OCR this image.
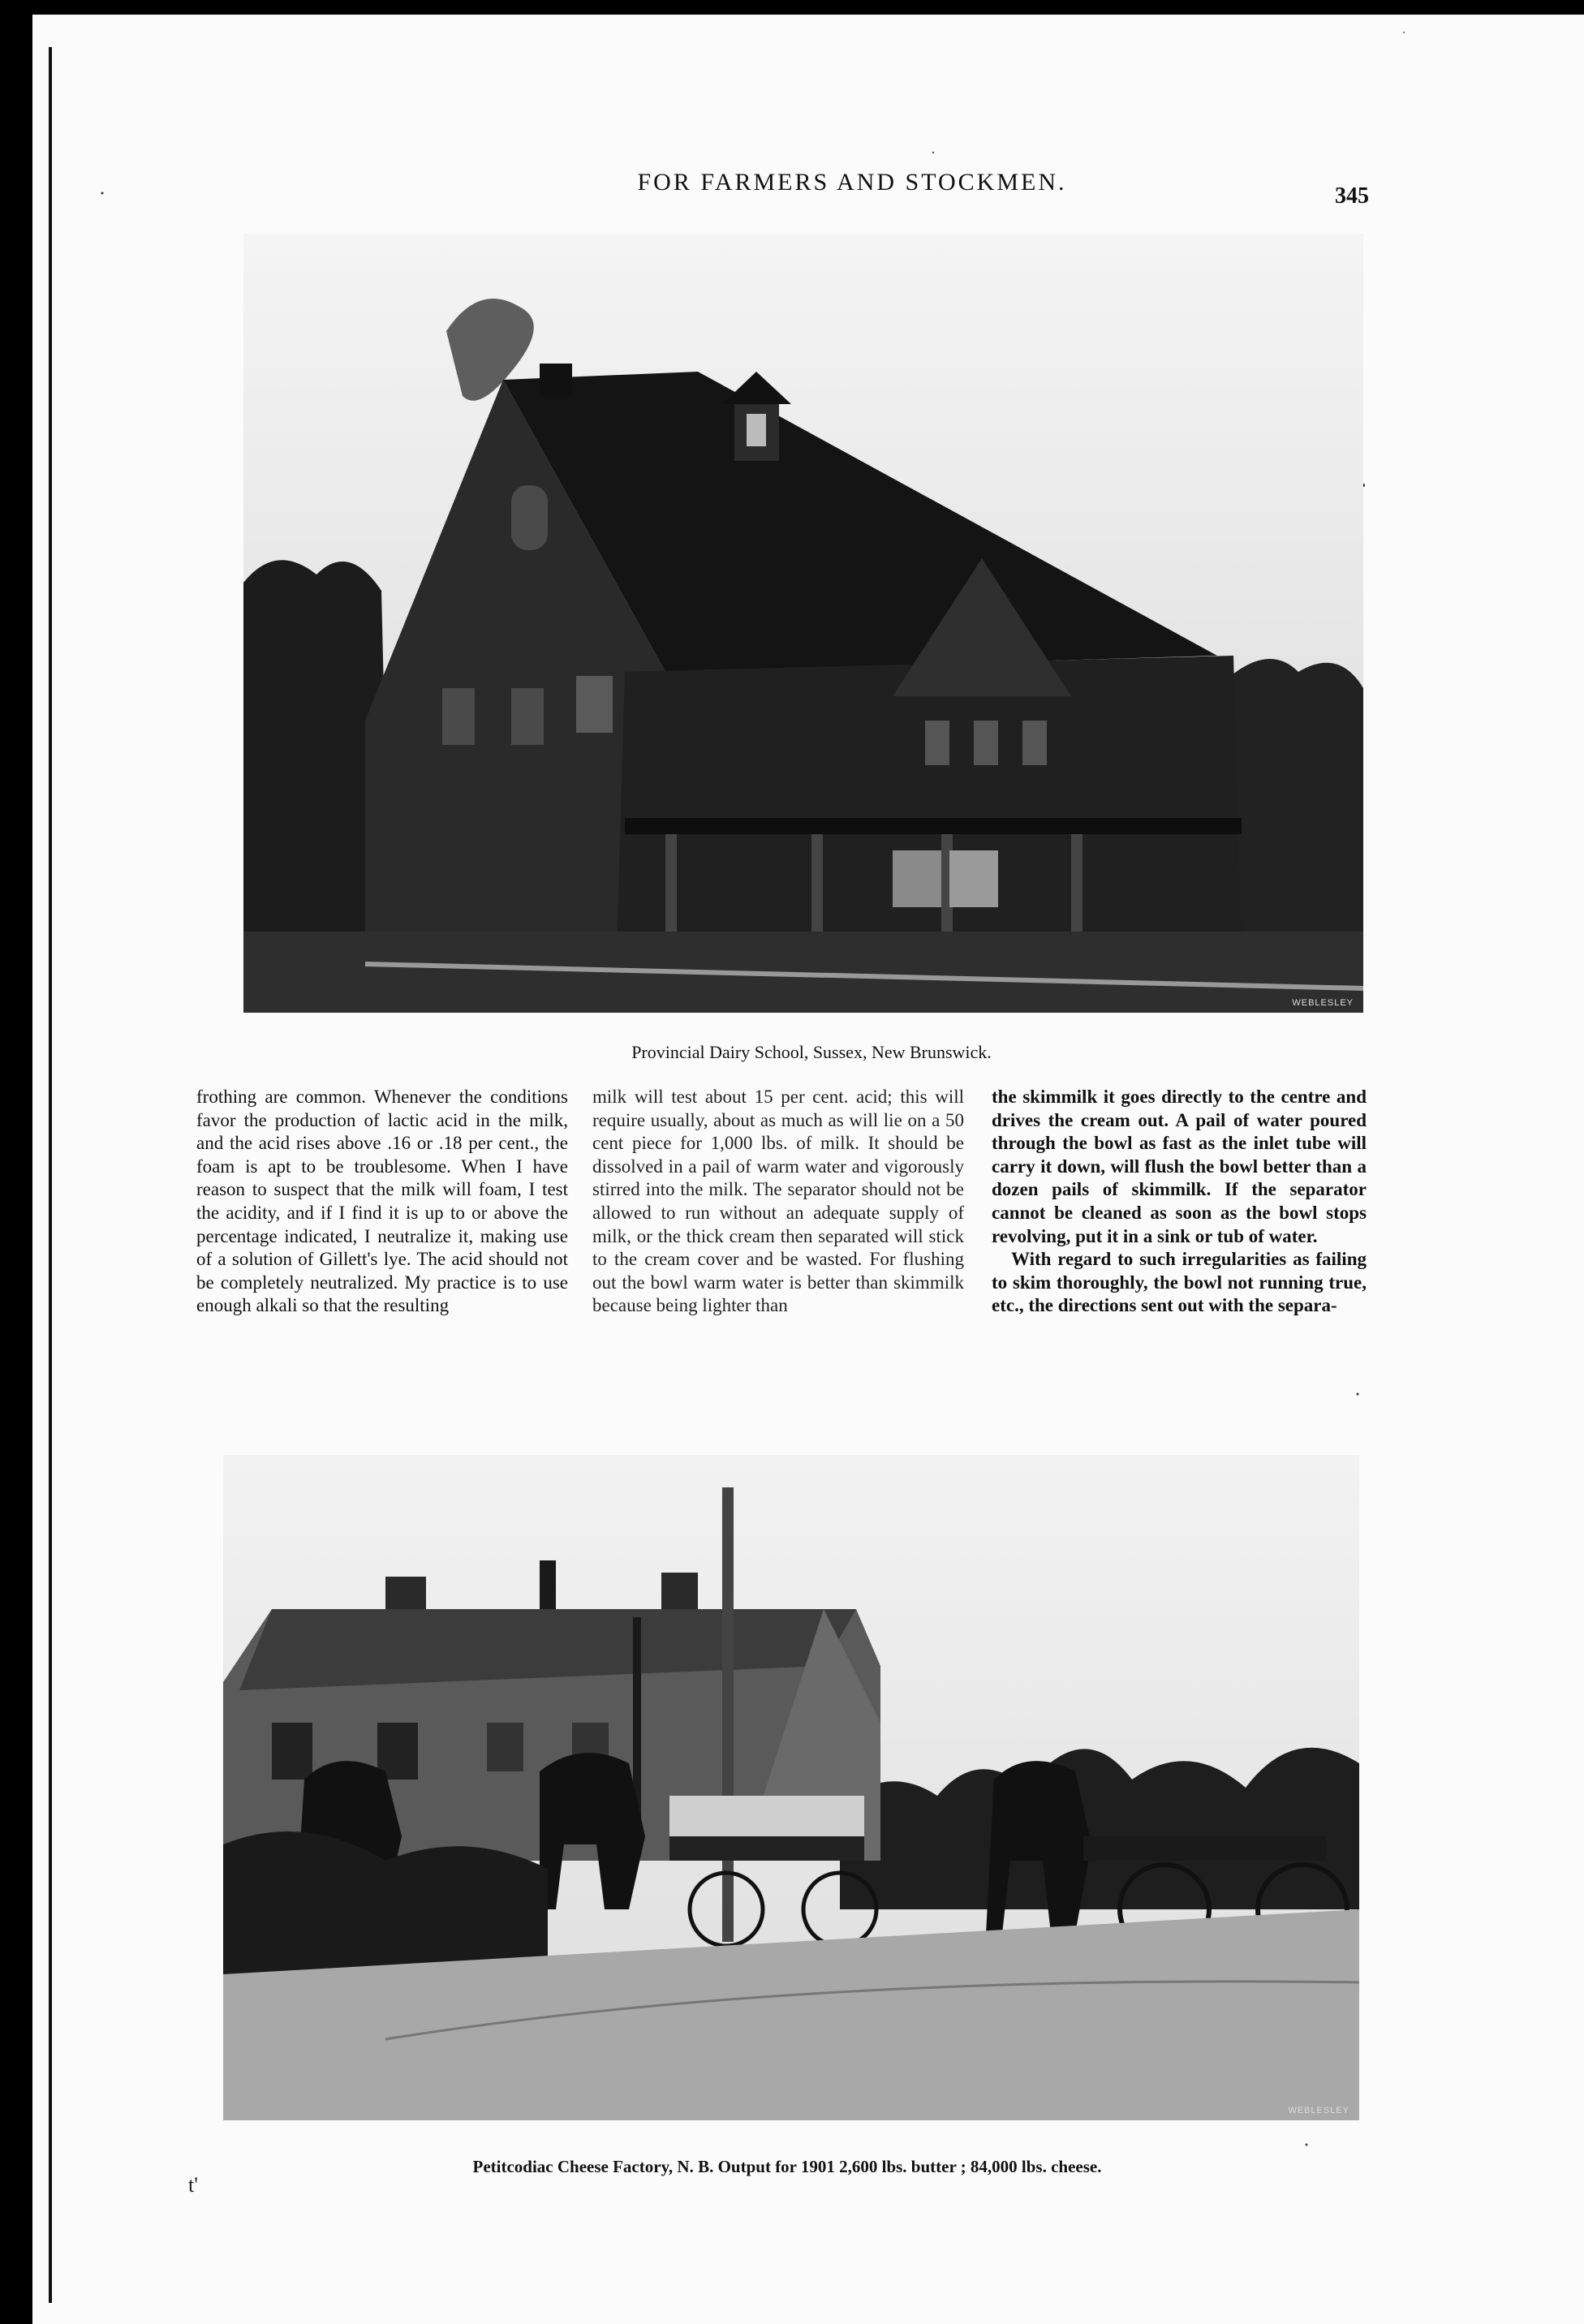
FOR FARMERS AND STOCKMEN.
345
WEBLESLEY
Provincial Dairy School, Sussex, New Brunswick.

frothing are common. Whenever the conditions favor the production of lactic acid in the milk, and the acid rises above .16 or .18 per cent., the foam is apt to be troublesome. When I have reason to suspect that the milk will foam, I test the acidity, and if I find it is up to or above the percentage indicated, I neutralize it, making use of a solution of Gillett's lye. The acid should not be completely neutralized. My practice is to use enough alkali so that the resulting

milk will test about 15 per cent. acid; this will require usually, about as much as will lie on a 50 cent piece for 1,000 lbs. of milk. It should be dissolved in a pail of warm water and vigorously stirred into the milk. The separator should not be allowed to run without an adequate supply of milk, or the thick cream then separated will stick to the cream cover and be wasted. For flushing out the bowl warm water is better than skimmilk because being lighter than

the skimmilk it goes directly to the centre and drives the cream out. A pail of water poured through the bowl as fast as the inlet tube will carry it down, will flush the bowl better than a dozen pails of skimmilk. If the separator cannot be cleaned as soon as the bowl stops revolving, put it in a sink or tub of water.

With regard to such irregularities as failing to skim thoroughly, the bowl not running true, etc., the directions sent out with the separa-

WEBLESLEY
Petitcodiac Cheese Factory, N. B. Output for 1901 2,600 lbs. butter ; 84,000 lbs. cheese.
t'
